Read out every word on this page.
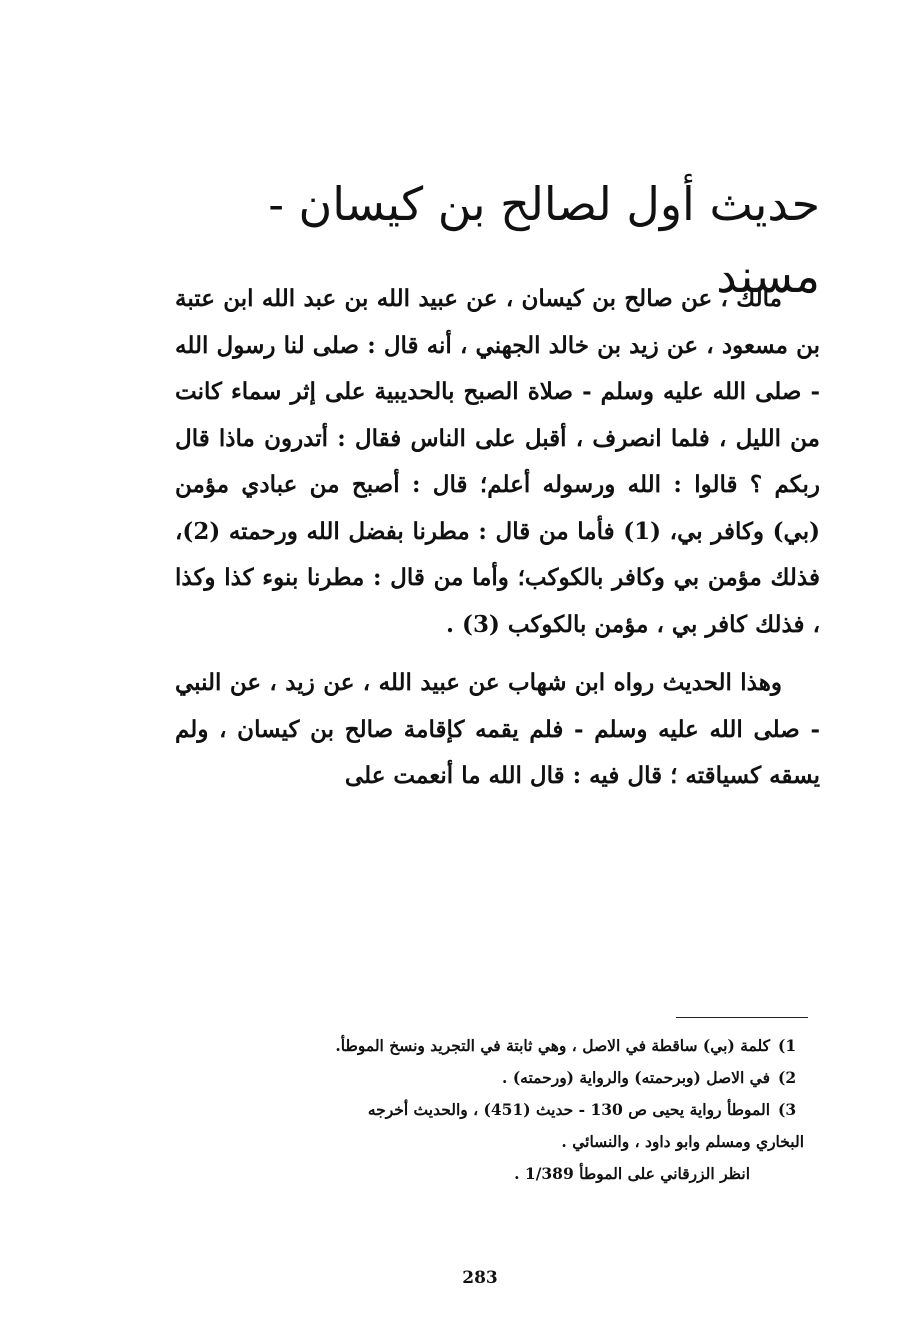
حديث أول لصالح بن كيسان - مسند

مالك ، عن صالح بن كيسان ، عن عبيد الله بن عبد الله ابن عتبة بن مسعود ، عن زيد بن خالد الجهني ، أنه قال : صلى لنا رسول الله - صلى الله عليه وسلم - صلاة الصبح بالحديبية على إثر سماء كانت من الليل ، فلما انصرف ، أقبل على الناس فقال : أتدرون ماذا قال ربكم ؟ قالوا : الله ورسوله أعلم؛ قال : أصبح من عبادي مؤمن (بي) وكافر بي، (1) فأما من قال : مطرنا بفضل الله ورحمته (2)، فذلك مؤمن بي وكافر بالكوكب؛ وأما من قال : مطرنا بنوء كذا وكذا ، فذلك كافر بي ، مؤمن بالكوكب (3) .

وهذا الحديث رواه ابن شهاب عن عبيد الله ، عن زيد ، عن النبي - صلى الله عليه وسلم - فلم يقمه كإقامة صالح بن كيسان ، ولم يسقه كسياقته ؛ قال فيه : قال الله ما أنعمت على

كلمة (بي) ساقطة في الاصل ، وهي ثابتة في التجريد ونسخ الموطأ. (1
في الاصل (وبرحمته) والرواية (ورحمته) . (2
الموطأ رواية يحيى ص 130 - حديث (451) ، والحديث أخرجه (3
البخاري ومسلم وابو داود ، والنسائي .
انظر الزرقاني على الموطأ 1/389 .
283
